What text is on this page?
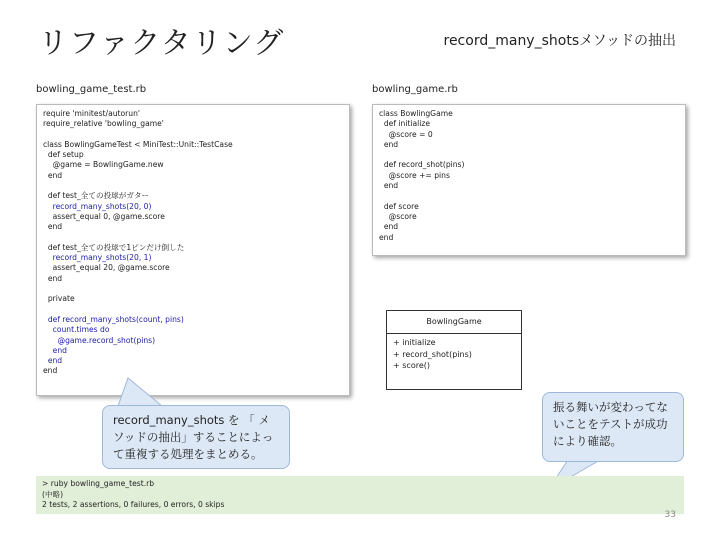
リファクタリング	record_many_shotsメソッドの抽出
bowling_game_test.rb
require 'minitest/autorun'
require_relative 'bowling_game'

class BowlingGameTest < MiniTest::Unit::TestCase
def setup
@game = BowlingGame.new
end

def test_全ての投球がガター
record_many_shots(20, 0)
assert_equal 0, @game.score
end

def test_全ての投球で1ピンだけ倒した
record_many_shots(20, 1)
assert_equal 20, @game.score
end

private

def record_many_shots(count, pins)
count.times do
@game.record_shot(pins)
end
end
end
bowling_game.rb
class BowlingGame
def initialize
@score = 0
end

def record_shot(pins)
@score += pins
end

def score
@score
end
end
BowlingGame
+ initialize
+ record_shot(pins)
+ score()
record_many_shots を 「 メソッドの抽出」することによって重複する処理をまとめる。
振る舞いが変わってないことをテストが成功により確認。
> ruby bowling_game_test.rb
(中略)
2 tests, 2 assertions, 0 failures, 0 errors, 0 skips
33
